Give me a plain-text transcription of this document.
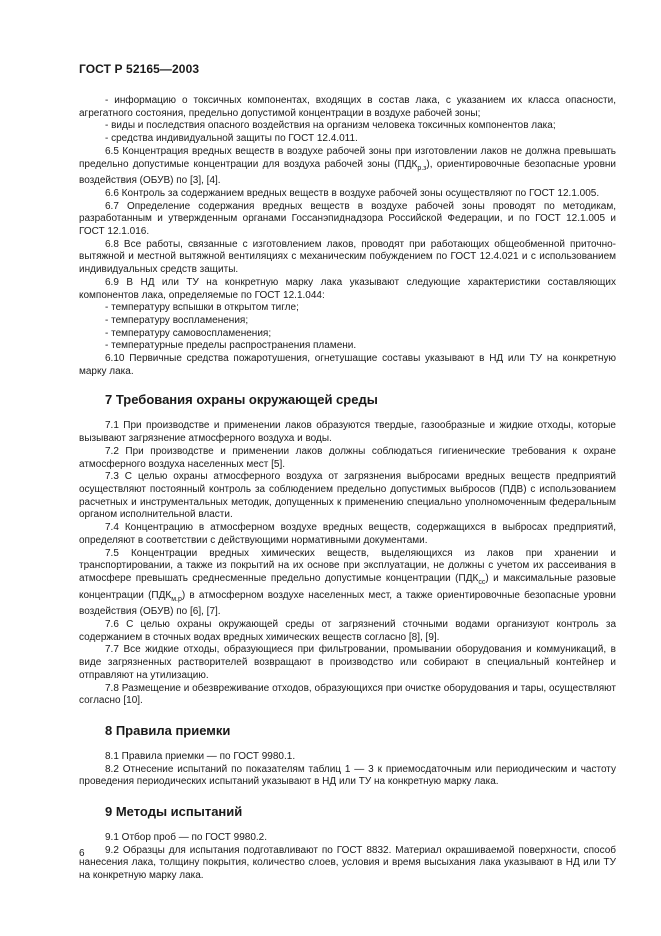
ГОСТ Р 52165—2003

- информацию о токсичных компонентах, входящих в состав лака, с указанием их класса опасности, агрегатного состояния, предельно допустимой концентрации в воздухе рабочей зоны;

- виды и последствия опасного воздействия на организм человека токсичных компонентов лака;

- средства индивидуальной защиты по ГОСТ 12.4.011.

6.5 Концентрация вредных веществ в воздухе рабочей зоны при изготовлении лаков не должна превышать предельно допустимые концентрации для воздуха рабочей зоны $(ПДК_{р.з})$, ориентировочные безопасные уровни воздействия (ОБУВ) по [3], [4].

6.6 Контроль за содержанием вредных веществ в воздухе рабочей зоны осуществляют по ГОСТ 12.1.005.

6.7 Определение содержания вредных веществ в воздухе рабочей зоны проводят по методикам, разработанным и утвержденным органами Госсанэпиднадзора Российской Федерации, и по ГОСТ 12.1.005 и ГОСТ 12.1.016.

6.8 Все работы, связанные с изготовлением лаков, проводят при работающих общеобменной приточно-вытяжной и местной вытяжной вентиляциях с механическим побуждением по ГОСТ 12.4.021 и с использованием индивидуальных средств защиты.

6.9 В НД или ТУ на конкретную марку лака указывают следующие характеристики составляющих компонентов лака, определяемые по ГОСТ 12.1.044:

- температуру вспышки в открытом тигле;

- температуру воспламенения;

- температуру самовоспламенения;

- температурные пределы распространения пламени.

6.10 Первичные средства пожаротушения, огнетушащие составы указывают в НД или ТУ на конкретную марку лака.

7 Требования охраны окружающей среды

7.1 При производстве и применении лаков образуются твердые, газообразные и жидкие отходы, которые вызывают загрязнение атмосферного воздуха и воды.

7.2 При производстве и применении лаков должны соблюдаться гигиенические требования к охране атмосферного воздуха населенных мест [5].

7.3 С целью охраны атмосферного воздуха от загрязнения выбросами вредных веществ предприятий осуществляют постоянный контроль за соблюдением предельно допустимых выбросов (ПДВ) с использованием расчетных и инструментальных методик, допущенных к применению специально уполномоченным федеральным органом исполнительной власти.

7.4 Концентрацию в атмосферном воздухе вредных веществ, содержащихся в выбросах предприятий, определяют в соответствии с действующими нормативными документами.

7.5 Концентрации вредных химических веществ, выделяющихся из лаков при хранении и транспортировании, а также из покрытий на их основе при эксплуатации, не должны с учетом их рассеивания в атмосфере превышать среднесменные предельно допустимые концентрации $(ПДК_{сс})$ и максимальные разовые концентрации $(ПДК_{м.р})$ в атмосферном воздухе населенных мест, а также ориентировочные безопасные уровни воздействия (ОБУВ) по [6], [7].

7.6 С целью охраны окружающей среды от загрязнений сточными водами организуют контроль за содержанием в сточных водах вредных химических веществ согласно [8], [9].

7.7 Все жидкие отходы, образующиеся при фильтровании, промывании оборудования и коммуникаций, в виде загрязненных растворителей возвращают в производство или собирают в специальный контейнер и отправляют на утилизацию.

7.8 Размещение и обезвреживание отходов, образующихся при очистке оборудования и тары, осуществляют согласно [10].

8 Правила приемки

8.1 Правила приемки — по ГОСТ 9980.1.

8.2 Отнесение испытаний по показателям таблиц 1 — 3 к приемосдаточным или периодическим и частоту проведения периодических испытаний указывают в НД или ТУ на конкретную марку лака.

9 Методы испытаний

9.1 Отбор проб — по ГОСТ 9980.2.

9.2 Образцы для испытания подготавливают по ГОСТ 8832. Материал окрашиваемой поверхности, способ нанесения лака, толщину покрытия, количество слоев, условия и время высыхания лака указывают в НД или ТУ на конкретную марку лака.

6
